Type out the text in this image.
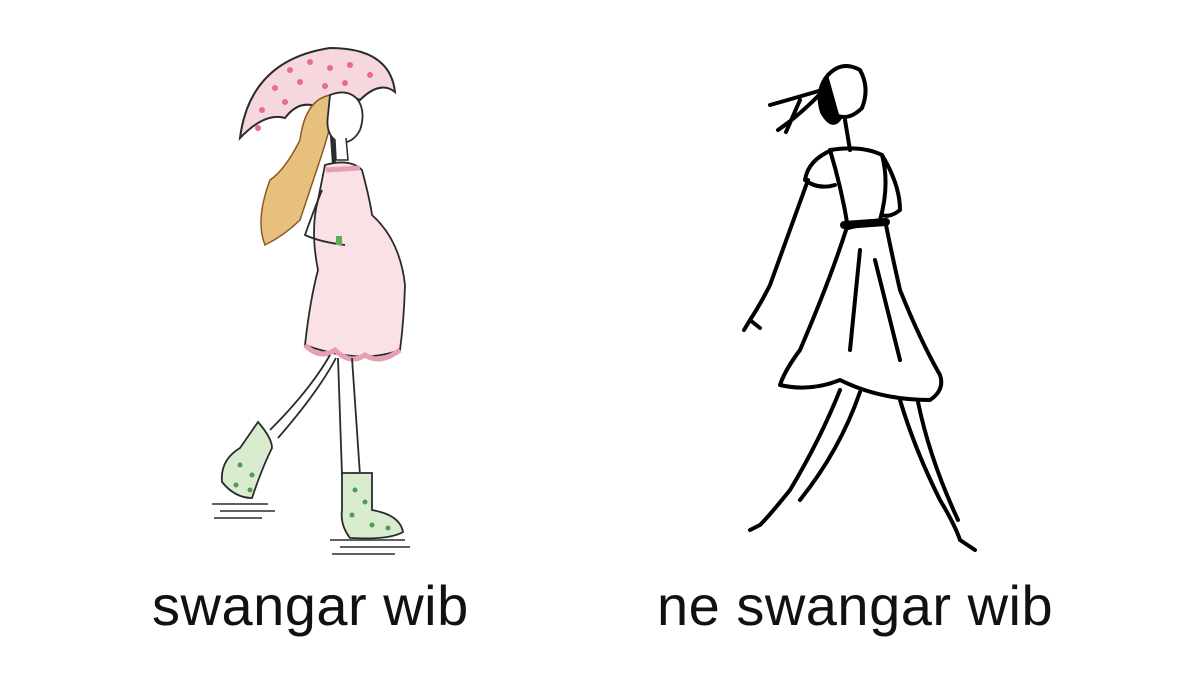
swangar wib	ne swangar wib
